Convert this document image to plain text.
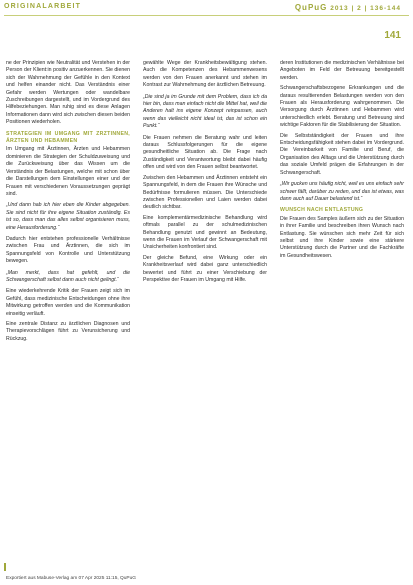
ORIGINALARBEIT	QuPuG 2013 | 2 | 136-144
141

ne der Prinzipien wie Neutralität und Verstehen in der Person der Klient:in positiv anzuerkennen. Sie dienen sich der Wahrnehmung der Gefühle in den Kontext und helfen einander nicht. Das Verständnis einer Gefahr werden Wertungen oder wandelbare Zuschreibungen dargestellt, und im Vordergrund des Hilfebeziehungen. Man ruhig sind es diese Anlagen Informationen dann wird sich zwischen diesen beiden Positionen wiederholen.

STRATEGIEN IM UMGANG MIT ZRZTINNEN, ÄRZTEN UND HEBAMMEN

Im Umgang mit Ärztinnen, Ärzten und Hebammen dominieren die Strategien der Schuldzuweisung und die Zurückweisung über das Wissen um die Verständnis der Belastungen, welche mit schon über die Darstellungen dem Einstellungen einer und der Frauen mit verschiedenen Voraussetzungen geprägt sind.

„Und dann hab ich hier eben die Kinder abgegeben. Sie sind nicht für ihre eigene Situation zuständig. Es ist so, dass man das alles selbst organisieren muss, eine Herausforderung.“

Dadurch hier entstehen professionelle Verhältnisse zwischen Frau und Ärztinnen, die sich im Spannungsfeld von Kontrolle und Unterstützung bewegen.

„Man merkt, dass hat gefehlt, und die Schwangerschaft selbst dann auch nicht gelingt.“

Eine wiederkehrende Kritik der Frauen zeigt sich im Gefühl, dass medizinische Entscheidungen ohne ihre Mitwirkung getroffen werden und die Kommunikation einseitig verläuft.

Eine zentrale Distanz zu ärztlichen Diagnosen und Therapievorschlägen führt zu Verunsicherung und Rückzug.

gewählte Wege der Krankheitsbewältigung stehen. Auch die Kompetenzen des Hebammenwesens werden von den Frauen anerkannt und stehen im Kontrast zur Wahrnehmung der ärztlichen Betreuung.

„Die sind ja im Grunde mit dem Problem, dass ich da hier bin, dass man einfach nicht die Mittel hat, weil die Anderen halt ins eigene Konzept reinpassen, auch wenn das vielleicht nicht ideal ist, das ist schon ein Punkt.“

Die Frauen nehmen die Beratung wahr und leiten daraus Schlussfolgerungen für die eigene gesundheitliche Situation ab. Die Frage nach Zuständigkeit und Verantwortung bleibt dabei häufig offen und wird von den Frauen selbst beantwortet.

Zwischen den Hebammen und Ärztinnen entsteht ein Spannungsfeld, in dem die Frauen ihre Wünsche und Bedürfnisse formulieren müssen. Die Unterschiede zwischen Professionellen und Laien werden dabei deutlich sichtbar.

Eine komplementärmedizinische Behandlung wird oftmals parallel zu der schulmedizinischen Behandlung genutzt und gewinnt an Bedeutung, wenn die Frauen im Verlauf der Schwangerschaft mit Unsicherheiten konfrontiert sind.

Der gleiche Befund, eine Wirkung oder ein Krankheitsverlauf wird dabei ganz unterschiedlich bewertet und führt zu einer Verschiebung der Perspektive der Frauen im Umgang mit Hilfe.

deren Institutionen die medizinischen Verhältnisse bei Angeboten im Feld der Betreuung bereitgestellt werden.

Schwangerschaftsbezogene Erkrankungen und die daraus resultierenden Belastungen werden von den Frauen als Herausforderung wahrgenommen. Die Versorgung durch Ärztinnen und Hebammen wird unterschiedlich erlebt. Beratung und Betreuung sind wichtige Faktoren für die Stabilisierung der Situation.

Die Selbstständigkeit der Frauen und ihre Entscheidungsfähigkeit stehen dabei im Vordergrund. Die Vereinbarkeit von Familie und Beruf, die Organisation des Alltags und die Unterstützung durch das soziale Umfeld prägen die Erfahrungen in der Schwangerschaft.

„Wir gucken uns häufig nicht, weil es uns einfach sehr schwer fällt, darüber zu reden, und das ist etwas, was dann auch auf Dauer belastend ist.“

WUNSCH NACH ENTLASTUNG

Die Frauen des Samples äußern sich zu der Situation in ihrer Familie und beschreiben ihren Wunsch nach Entlastung. Sie wünschen sich mehr Zeit für sich selbst und ihre Kinder sowie eine stärkere Unterstützung durch die Partner und die Fachkräfte im Gesundheitswesen.

Exportiert aus Mabuse-Verlag am 07 Apr 2025 11:15, QuPuG
